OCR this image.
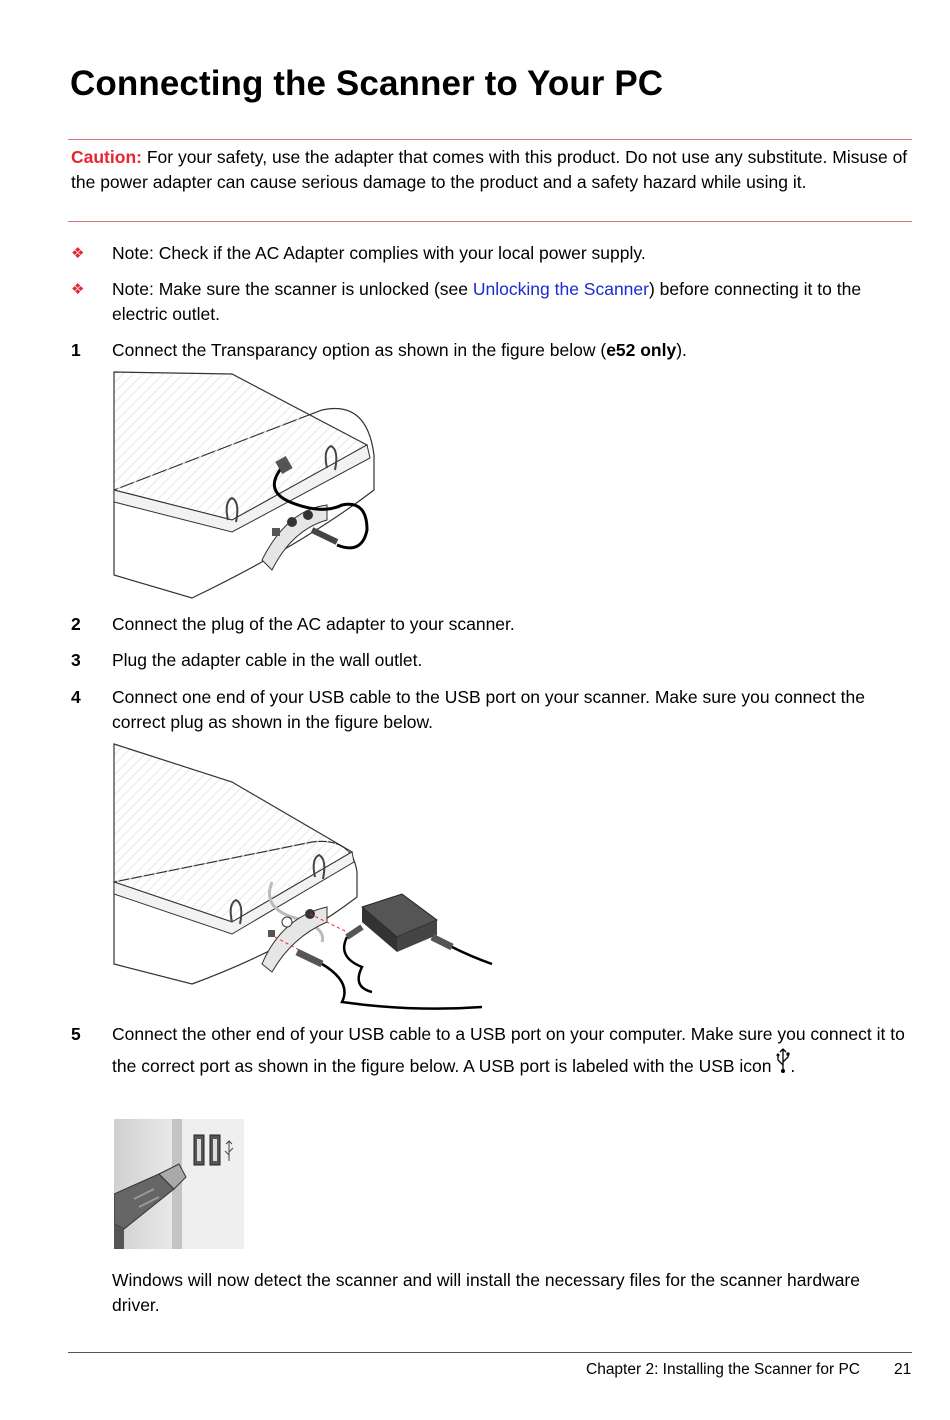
Connecting the Scanner to Your PC
Caution: For your safety, use the adapter that comes with this product. Do not use any substitute. Misuse of the power adapter can cause serious damage to the product and a safety hazard while using it.
❖	Note: Check if the AC Adapter complies with your local power supply.
❖	Note: Make sure the scanner is unlocked (see Unlocking the Scanner) before connecting it to the electric outlet.
1	Connect the Transparancy option as shown in the figure below (e52 only).
2	Connect the plug of the AC adapter to your scanner.
3	Plug the adapter cable in the wall outlet.
4	Connect one end of your USB cable to the USB port on your scanner. Make sure you connect the correct plug as shown in the figure below.
5	Connect the other end of your USB cable to a USB port on your computer. Make sure you connect it to the correct port as shown in the figure below. A USB port is labeled with the USB icon .
Windows will now detect the scanner and will install the necessary files for the scanner hardware driver.
Chapter 2: Installing the Scanner for PC 21
